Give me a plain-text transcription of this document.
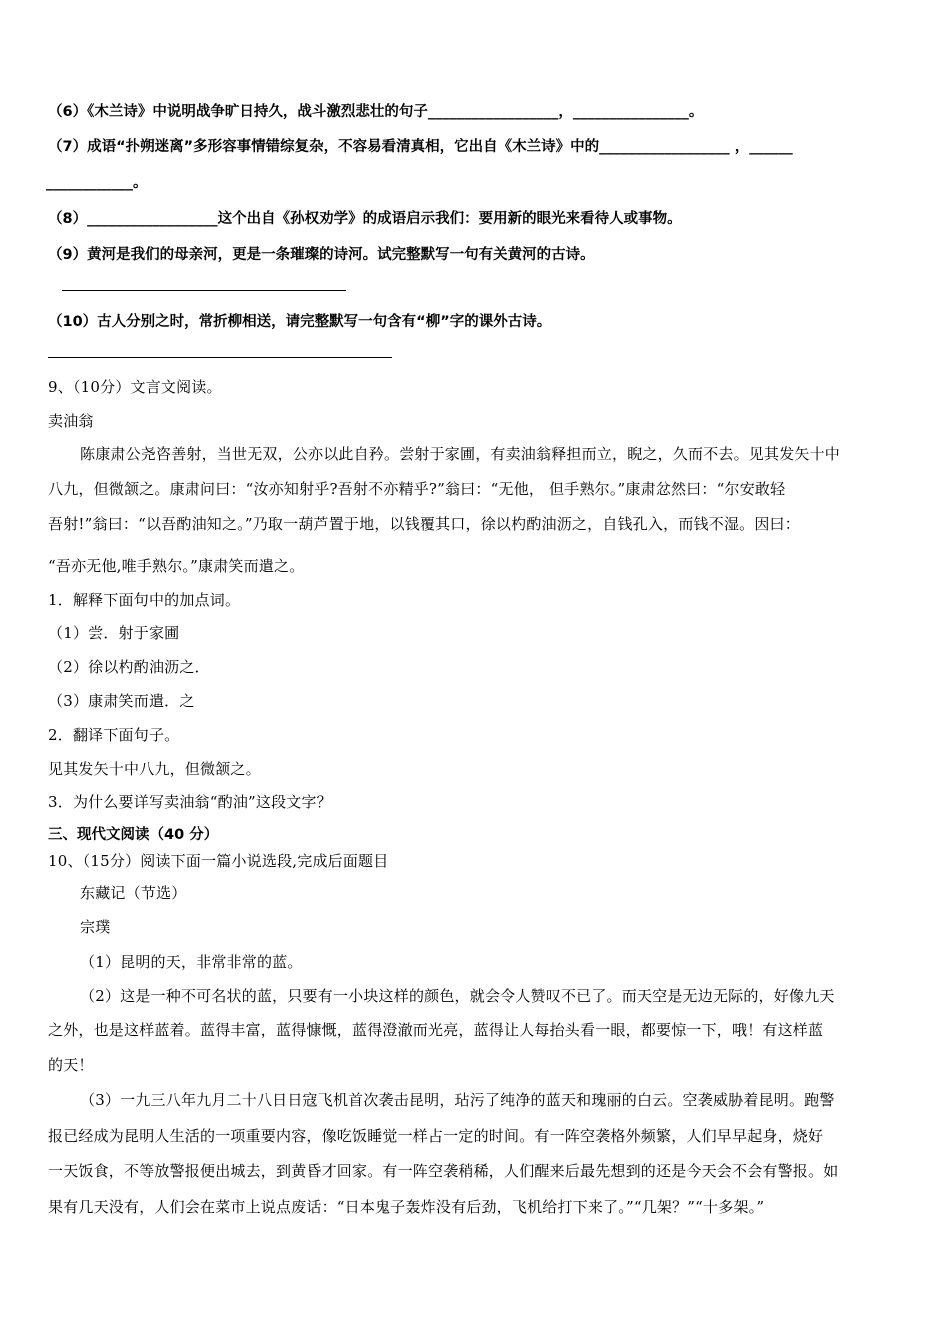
（6）《木兰诗》中说明战争旷日持久，战斗激烈悲壮的句子__________________，________________。
（7）成语“扑朔迷离”多形容事情错综复杂，不容易看清真相，它出自《木兰诗》中的__________________ ，______
____________。
（8）__________________这个出自《孙权劝学》的成语启示我们：要用新的眼光来看待人或事物。
（9）黄河是我们的母亲河，更是一条璀璨的诗河。试完整默写一句有关黄河的古诗。
（10）古人分别之时，常折柳相送，请完整默写一句含有“柳”字的课外古诗。
9、（10分）文言文阅读。
卖油翁
陈康肃公尧咨善射，当世无双，公亦以此自矜。尝射于家圃，有卖油翁释担而立，睨之，久而不去。见其发矢十中
八九，但微颔之。康肃问曰：“汝亦知射乎?吾射不亦精乎?”翁曰：“无他， 但手熟尔。”康肃忿然曰：“尔安敢轻
吾射!”翁曰：“以吾酌油知之。”乃取一葫芦置于地，以钱覆其口，徐以杓酌油沥之，自钱孔入，而钱不湿。因曰：
“吾亦无他,唯手熟尔。”康肃笑而遣之。
1．解释下面句中的加点词。
（1）尝．射于家圃
（2）徐以杓酌油沥之．
（3）康肃笑而遣．之
2．翻译下面句子。
见其发矢十中八九，但微颔之。
3．为什么要详写卖油翁“酌油”这段文字？
三、现代文阅读（40 分）
10、（15分）阅读下面一篇小说选段,完成后面题目
东藏记（节选）
宗璞
（1）昆明的天，非常非常的蓝。
（2）这是一种不可名状的蓝，只要有一小块这样的颜色，就会令人赞叹不已了。而天空是无边无际的，好像九天
之外，也是这样蓝着。蓝得丰富，蓝得慷慨，蓝得澄澈而光亮，蓝得让人每抬头看一眼，都要惊一下，哦！有这样蓝
的天！
（3）一九三八年九月二十八日日寇飞机首次袭击昆明，玷污了纯净的蓝天和瑰丽的白云。空袭威胁着昆明。跑警
报已经成为昆明人生活的一项重要内容，像吃饭睡觉一样占一定的时间。有一阵空袭格外频繁，人们早早起身，烧好
一天饭食，不等放警报便出城去，到黄昏才回家。有一阵空袭稍稀，人们醒来后最先想到的还是今天会不会有警报。如
果有几天没有，人们会在菜市上说点废话：“日本鬼子轰炸没有后劲，飞机给打下来了。”“几架？”“十多架。”
